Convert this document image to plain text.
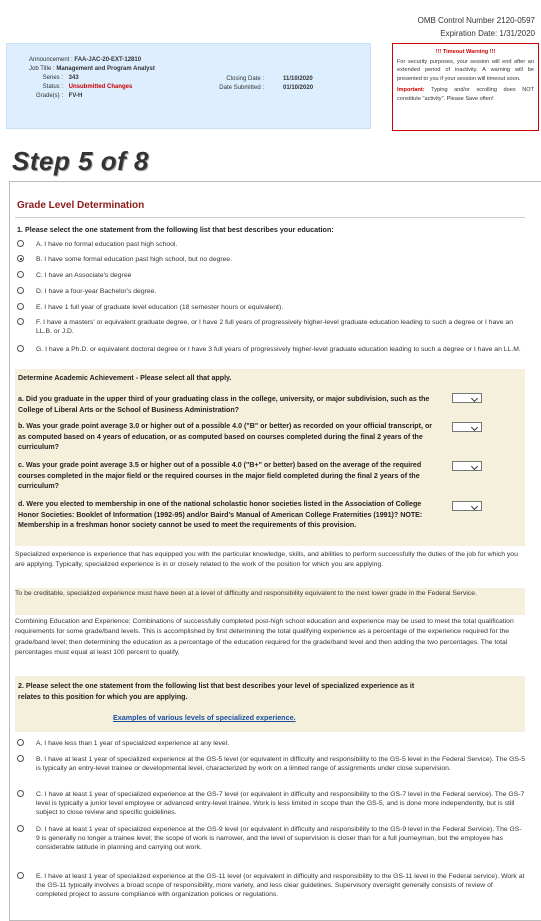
OMB Control Number 2120-0597
Expiration Date: 1/31/2020
Announcement : FAA-JAC-20-EXT-12810
Job Title : Management and Program Analyst
Series : 343
Status : Unsubmitted Changes
Grade(s) : FV-H
Closing Date :	11/10/2020
Date Submitted :	01/10/2020
!!! Timeout Warning !!!

For security purposes, your session will end after an extended period of inactivity. A warning will be presented to you if your session will timeout soon.

Important: Typing and/or scrolling does NOT constitute "activity". Please Save often!

Step 5 of 8
Grade Level Determination
1. Please select the one statement from the following list that best describes your education:
A. I have no formal education past high school.
B. I have some formal education past high school, but no degree.
C. I have an Associate's degree
D. I have a four-year Bachelor's degree.
E. I have 1 full year of graduate level education (18 semester hours or equivalent).
F. I have a masters' or equivalent graduate degree, or I have 2 full years of progressively higher-level graduate education leading to such a degree or I have an LL.B. or J.D.
G. I have a Ph.D. or equivalent doctoral degree or I have 3 full years of progressively higher-level graduate education leading to such a degree or I have an LL.M.
Determine Academic Achievement - Please select all that apply.
a. Did you graduate in the upper third of your graduating class in the college, university, or major subdivision, such as the College of Liberal Arts or the School of Business Administration?
b. Was your grade point average 3.0 or higher out of a possible 4.0 ("B" or better) as recorded on your official transcript, or as computed based on 4 years of education, or as computed based on courses completed during the final 2 years of the curriculum?
c. Was your grade point average 3.5 or higher out of a possible 4.0 ("B+" or better) based on the average of the required courses completed in the major field or the required courses in the major field completed during the final 2 years of the curriculum?
d. Were you elected to membership in one of the national scholastic honor societies listed in the Association of College Honor Societies: Booklet of Information (1992-95) and/or Baird's Manual of American College Fraternities (1991)? NOTE: Membership in a freshman honor society cannot be used to meet the requirements of this provision.
Specialized experience is experience that has equipped you with the particular knowledge, skills, and abilities to perform successfully the duties of the job for which you are applying. Typically, specialized experience is in or closely related to the work of the position for which you are applying.
To be creditable, specialized experience must have been at a level of difficulty and responsibility equivalent to the next lower grade in the Federal Service.
Combining Education and Experience: Combinations of successfully completed post-high school education and experience may be used to meet the total qualification requirements for some grade/band levels. This is accomplished by first determining the total qualifying experience as a percentage of the experience required for the grade/band level; then determining the education as a percentage of the education required for the grade/band level and then adding the two percentages. The total percentages must equal at least 100 percent to qualify.
2. Please select the one statement from the following list that best describes your level of specialized experience as it relates to this position for which you are applying.
Examples of various levels of specialized experience.
A. I have less than 1 year of specialized experience at any level.
B. I have at least 1 year of specialized experience at the GS-5 level (or equivalent in difficulty and responsibility to the GS-5 level in the Federal Service). The GS-5 is typically an entry-level trainee or developmental level, characterized by work on a limited range of assignments under close supervision.
C. I have at least 1 year of specialized experience at the GS-7 level (or equivalent in difficulty and responsibility to the GS-7 level in the Federal service). The GS-7 level is typically a junior level employee or advanced entry-level trainee. Work is less limited in scope than the GS-5, and is done more independently, but is still subject to close review and specific guidelines.
D. I have at least 1 year of specialized experience at the GS-9 level (or equivalent in difficulty and responsibility to the GS-9 level in the Federal Service). The GS-9 is generally no longer a trainee level; the scope of work is narrower, and the level of supervision is closer than for a full journeyman, but the employee has considerable latitude in planning and carrying out work.
E. I have at least 1 year of specialized experience at the GS-11 level (or equivalent in difficulty and responsibility to the GS-11 level in the Federal service). Work at the GS-11 typically involves a broad scope of responsibility, more variety, and less clear guidelines. Supervisory oversight generally consists of review of completed project to assure compliance with organization policies or regulations.
